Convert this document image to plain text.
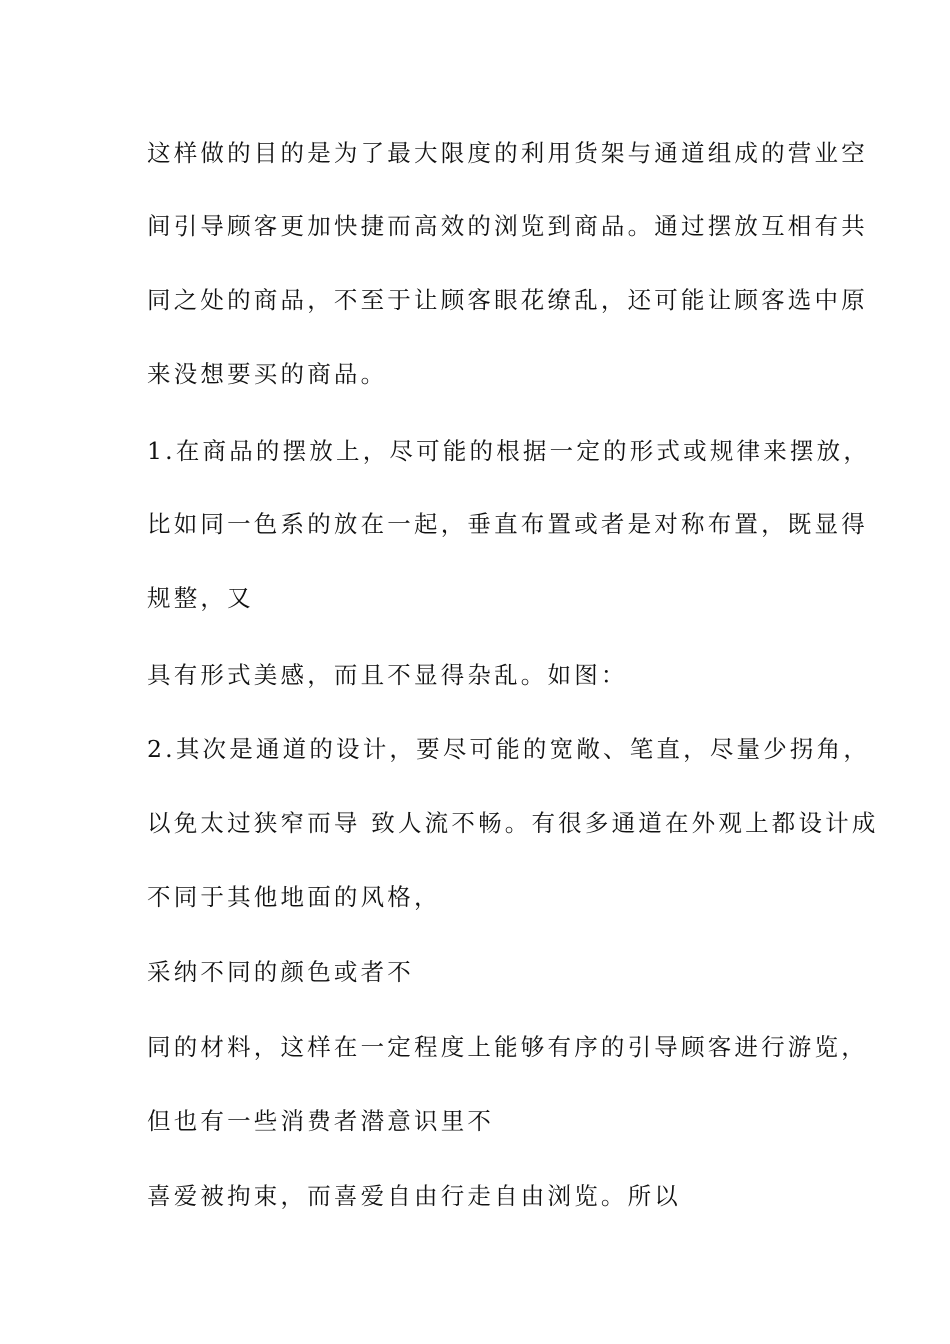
这样做的目的是为了最大限度的利用货架与通道组成的营业空
间引导顾客更加快捷而高效的浏览到商品。通过摆放互相有共
同之处的商品，不至于让顾客眼花缭乱，还可能让顾客选中原
来没想要买的商品。
1.在商品的摆放上，尽可能的根据一定的形式或规律来摆放，
比如同一色系的放在一起，垂直布置或者是对称布置，既显得
规整，又
具有形式美感，而且不显得杂乱。如图：
2.其次是通道的设计，要尽可能的宽敞、笔直，尽量少拐角，
以免太过狭窄而导 致人流不畅。有很多通道在外观上都设计成
不同于其他地面的风格，
采纳不同的颜色或者不
同的材料，这样在一定程度上能够有序的引导顾客进行游览，
但也有一些消费者潜意识里不
喜爱被拘束，而喜爱自由行走自由浏览。所以
